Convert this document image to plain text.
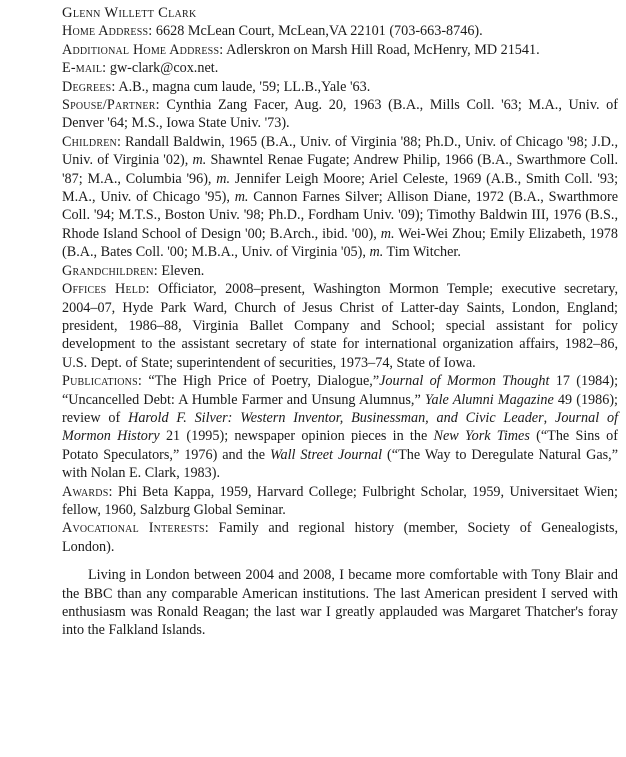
Glenn Willett Clark

Home Address: 6628 McLean Court, McLean,VA 22101 (703-663-8746).

Additional Home Address: Adlerskron on Marsh Hill Road, McHenry, MD 21541.

E-mail: gw-clark@cox.net.

Degrees: A.B., magna cum laude, '59; LL.B.,Yale '63.

Spouse/Partner: Cynthia Zang Facer, Aug. 20, 1963 (B.A., Mills Coll. '63; M.A., Univ. of Denver '64; M.S., Iowa State Univ. '73).

Children: Randall Baldwin, 1965 (B.A., Univ. of Virginia '88; Ph.D., Univ. of Chicago '98; J.D., Univ. of Virginia '02), m. Shawntel Renae Fugate; Andrew Philip, 1966 (B.A., Swarthmore Coll. '87; M.A., Columbia '96), m. Jennifer Leigh Moore; Ariel Celeste, 1969 (A.B., Smith Coll. '93; M.A., Univ. of Chicago '95), m. Cannon Farnes Silver; Allison Diane, 1972 (B.A., Swarthmore Coll. '94; M.T.S., Boston Univ. '98; Ph.D., Fordham Univ. '09); Timothy Baldwin III, 1976 (B.S., Rhode Island School of Design '00; B.Arch., ibid. '00), m. Wei-Wei Zhou; Emily Elizabeth, 1978 (B.A., Bates Coll. '00; M.B.A., Univ. of Virginia '05), m. Tim Witcher.

Grandchildren: Eleven.

Offices Held: Officiator, 2008–present, Washington Mormon Temple; executive secretary, 2004–07, Hyde Park Ward, Church of Jesus Christ of Latter-day Saints, London, England; president, 1986–88, Virginia Ballet Company and School; special assistant for policy development to the assistant secretary of state for international organization affairs, 1982–86, U.S. Dept. of State; superintendent of securities, 1973–74, State of Iowa.

Publications: “The High Price of Poetry, Dialogue,”Journal of Mormon Thought 17 (1984); “Uncancelled Debt: A Humble Farmer and Unsung Alumnus,” Yale Alumni Magazine 49 (1986); review of Harold F. Silver: Western Inventor, Businessman, and Civic Leader, Journal of Mormon History 21 (1995); newspaper opinion pieces in the New York Times (“The Sins of Potato Speculators,” 1976) and the Wall Street Journal (“The Way to Deregulate Natural Gas,” with Nolan E. Clark, 1983).

Awards: Phi Beta Kappa, 1959, Harvard College; Fulbright Scholar, 1959, Universitaet Wien; fellow, 1960, Salzburg Global Seminar.

Avocational Interests: Family and regional history (member, Society of Genealogists, London).

Living in London between 2004 and 2008, I became more comfortable with Tony Blair and the BBC than any comparable American institutions. The last American president I served with enthusiasm was Ronald Reagan; the last war I greatly applauded was Margaret Thatcher's foray into the Falkland Islands.
